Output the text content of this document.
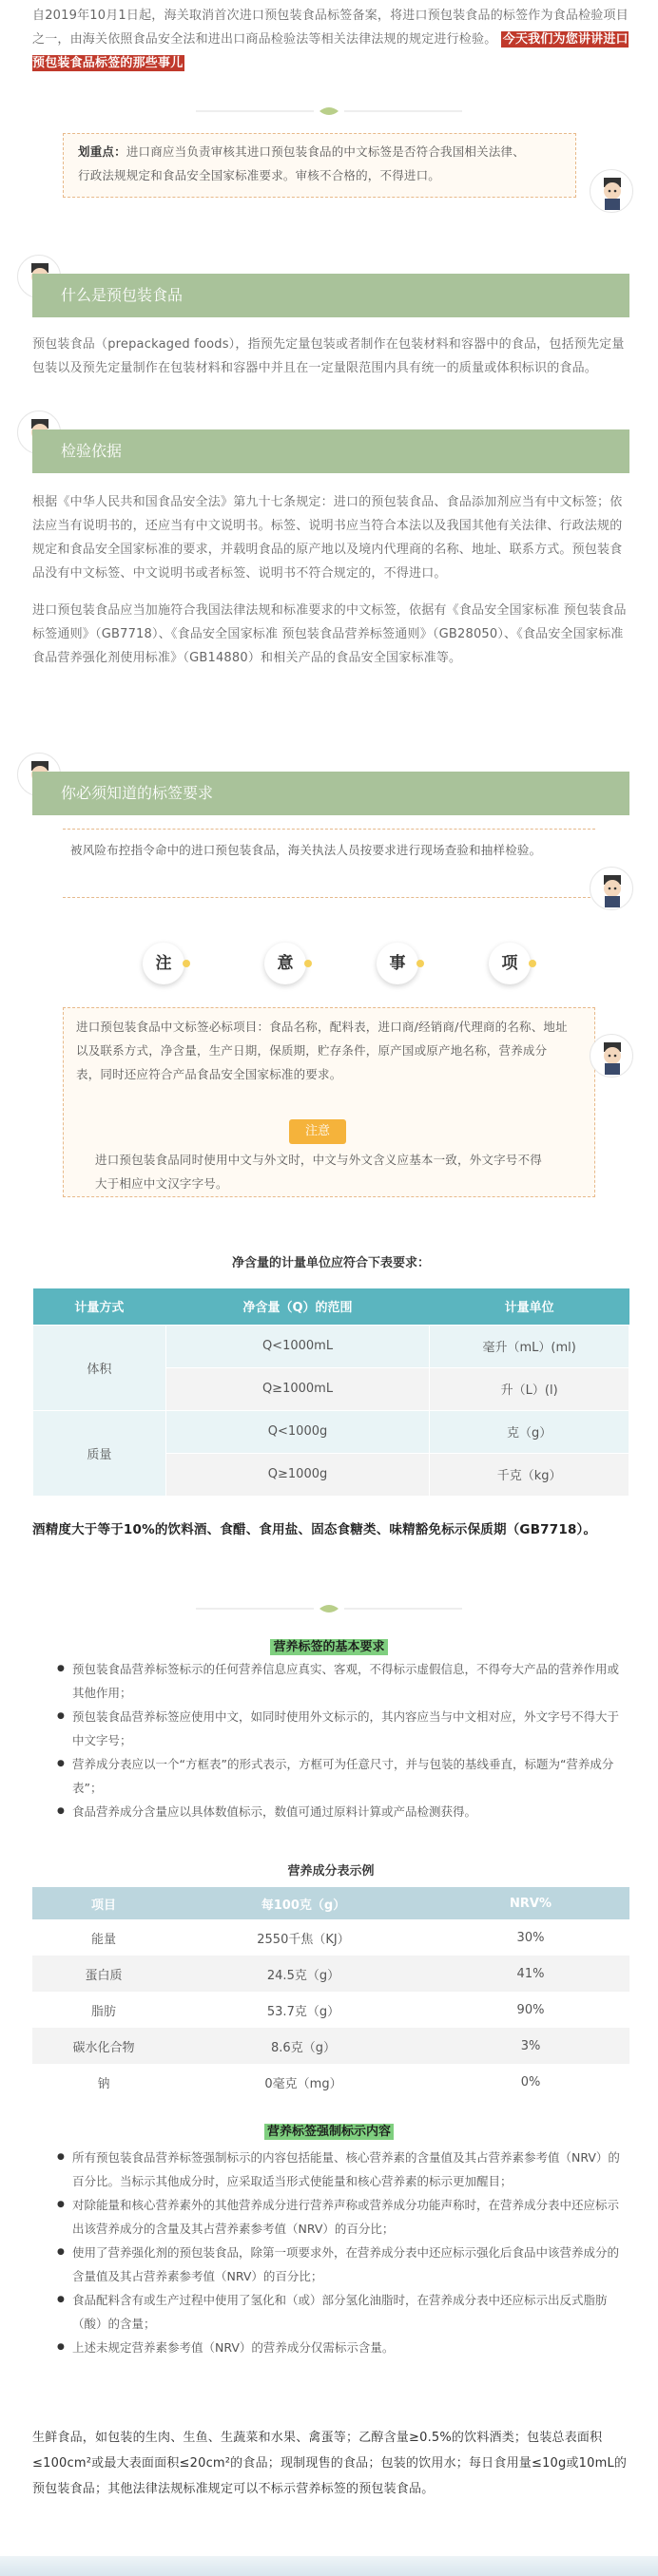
自2019年10月1日起，海关取消首次进口预包装食品标签备案，将进口预包装食品的标签作为食品检验项目之一，由海关依照食品安全法和进出口商品检验法等相关法律法规的规定进行检验。 今天我们为您讲讲进口预包装食品标签的那些事儿

划重点：进口商应当负责审核其进口预包装食品的中文标签是否符合我国相关法律、行政法规规定和食品安全国家标准要求。审核不合格的，不得进口。

什么是预包装食品

预包装食品（prepackaged foods），指预先定量包装或者制作在包装材料和容器中的食品，包括预先定量包装以及预先定量制作在包装材料和容器中并且在一定量限范围内具有统一的质量或体积标识的食品。

检验依据

根据《中华人民共和国食品安全法》第九十七条规定：进口的预包装食品、食品添加剂应当有中文标签；依法应当有说明书的，还应当有中文说明书。标签、说明书应当符合本法以及我国其他有关法律、行政法规的规定和食品安全国家标准的要求，并载明食品的原产地以及境内代理商的名称、地址、联系方式。预包装食品没有中文标签、中文说明书或者标签、说明书不符合规定的，不得进口。

进口预包装食品应当加施符合我国法律法规和标准要求的中文标签，依据有《食品安全国家标准 预包装食品标签通则》（GB7718）、《食品安全国家标准 预包装食品营养标签通则》（GB28050）、《食品安全国家标准 食品营养强化剂使用标准》（GB14880）和相关产品的食品安全国家标准等。

你必须知道的标签要求

被风险布控指令命中的进口预包装食品，海关执法人员按要求进行现场查验和抽样检验。

注	意	事	项

进口预包装食品中文标签必标项目：食品名称，配料表，进口商/经销商/代理商的名称、地址以及联系方式，净含量，生产日期，保质期，贮存条件，原产国或原产地名称，营养成分表，同时还应符合产品食品安全国家标准的要求。

注意

进口预包装食品同时使用中文与外文时，中文与外文含义应基本一致，外文字号不得大于相应中文汉字字号。

净含量的计量单位应符合下表要求：
计量方式	净含量（Q）的范围	计量单位
体积	Q<1000mL	毫升（mL）(ml)
	Q≥1000mL	升（L）(l)
质量	Q<1000g	克（g）
	Q≥1000g	千克（kg）

酒精度大于等于10%的饮料酒、食醋、食用盐、固态食糖类、味精豁免标示保质期（GB7718）。

营养标签的基本要求
● 预包装食品营养标签标示的任何营养信息应真实、客观，不得标示虚假信息，不得夸大产品的营养作用或其他作用；
● 预包装食品营养标签应使用中文，如同时使用外文标示的，其内容应当与中文相对应，外文字号不得大于中文字号；
● 营养成分表应以一个“方框表”的形式表示，方框可为任意尺寸，并与包装的基线垂直，标题为“营养成分表”；
● 食品营养成分含量应以具体数值标示，数值可通过原料计算或产品检测获得。
营养成分表示例
项目	每100克（g）	NRV%
能量	2550千焦（KJ）	30%
蛋白质	24.5克（g）	41%
脂肪	53.7克（g）	90%
碳水化合物	8.6克（g）	3%
钠	0毫克（mg）	0%
营养标签强制标示内容
● 所有预包装食品营养标签强制标示的内容包括能量、核心营养素的含量值及其占营养素参考值（NRV）的百分比。当标示其他成分时，应采取适当形式使能量和核心营养素的标示更加醒目；
● 对除能量和核心营养素外的其他营养成分进行营养声称或营养成分功能声称时，在营养成分表中还应标示出该营养成分的含量及其占营养素参考值（NRV）的百分比；
● 使用了营养强化剂的预包装食品，除第一项要求外，在营养成分表中还应标示强化后食品中该营养成分的含量值及其占营养素参考值（NRV）的百分比；
● 食品配料含有或生产过程中使用了氢化和（或）部分氢化油脂时，在营养成分表中还应标示出反式脂肪（酸）的含量；
● 上述未规定营养素参考值（NRV）的营养成分仅需标示含量。

生鲜食品，如包装的生肉、生鱼、生蔬菜和水果、禽蛋等；乙醇含量≥0.5%的饮料酒类；包装总表面积≤100cm²或最大表面面积≤20cm²的食品；现制现售的食品；包装的饮用水；每日食用量≤10g或10mL的预包装食品；其他法律法规标准规定可以不标示营养标签的预包装食品。
